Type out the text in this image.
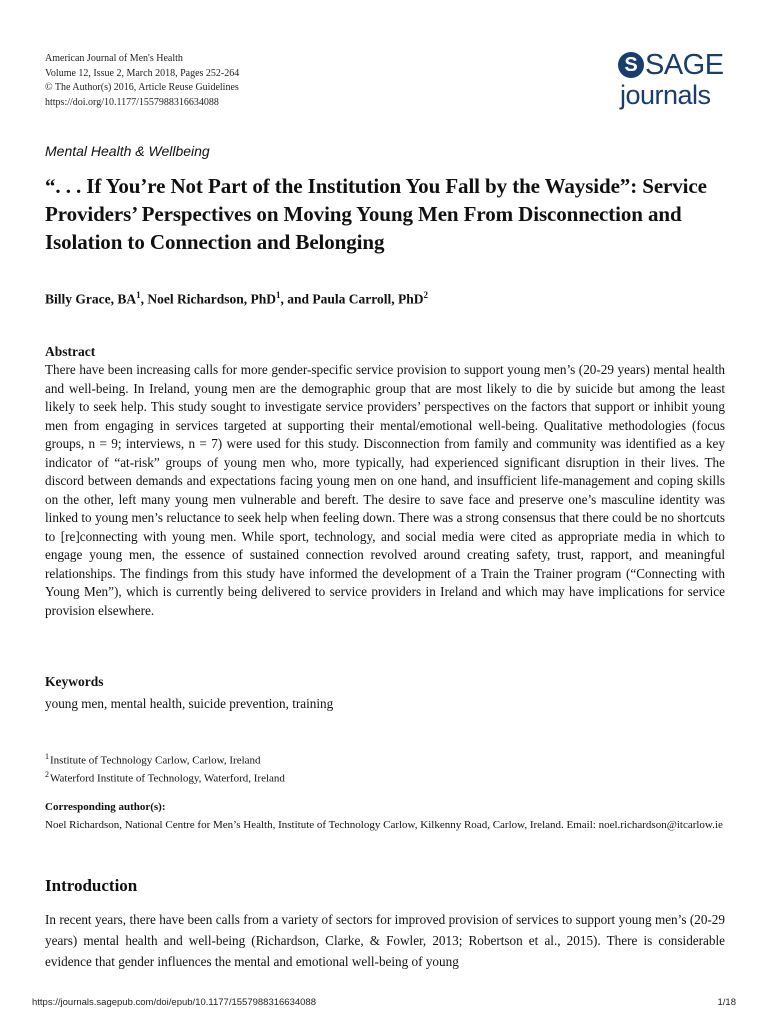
American Journal of Men's Health
Volume 12, Issue 2, March 2018, Pages 252-264
© The Author(s) 2016, Article Reuse Guidelines
https://doi.org/10.1177/1557988316634088
S SAGE
journals
Mental Health & Wellbeing
“. . . If You’re Not Part of the Institution You Fall by the Wayside”: Service Providers’ Perspectives on Moving Young Men From Disconnection and Isolation to Connection and Belonging
Billy Grace, $BA^1$, Noel Richardson, PhD$^1$, and Paula Carroll, PhD$^2$
Abstract

There have been increasing calls for more gender-specific service provision to support young men’s (20-29 years) mental health and well-being. In Ireland, young men are the demographic group that are most likely to die by suicide but among the least likely to seek help. This study sought to investigate service providers’ perspectives on the factors that support or inhibit young men from engaging in services targeted at supporting their mental/emotional well-being. Qualitative methodologies (focus groups, n = 9; interviews, n = 7) were used for this study. Disconnection from family and community was identified as a key indicator of “at-risk” groups of young men who, more typically, had experienced significant disruption in their lives. The discord between demands and expectations facing young men on one hand, and insufficient life-management and coping skills on the other, left many young men vulnerable and bereft. The desire to save face and preserve one’s masculine identity was linked to young men’s reluctance to seek help when feeling down. There was a strong consensus that there could be no shortcuts to [re]connecting with young men. While sport, technology, and social media were cited as appropriate media in which to engage young men, the essence of sustained connection revolved around creating safety, trust, rapport, and meaningful relationships. The findings from this study have informed the development of a Train the Trainer program (“Connecting with Young Men”), which is currently being delivered to service providers in Ireland and which may have implications for service provision elsewhere.

Keywords

young men, mental health, suicide prevention, training

$^1$Institute of Technology Carlow, Carlow, Ireland
$^2$Waterford Institute of Technology, Waterford, Ireland
Corresponding author(s):

Noel Richardson, National Centre for Men’s Health, Institute of Technology Carlow, Kilkenny Road, Carlow, Ireland. Email: noel.richardson@itcarlow.ie

Introduction

In recent years, there have been calls from a variety of sectors for improved provision of services to support young men’s (20-29 years) mental health and well-being (Richardson, Clarke, & Fowler, 2013; Robertson et al., 2015). There is considerable evidence that gender influences the mental and emotional well-being of young

https://journals.sagepub.com/doi/epub/10.1177/1557988316634088	1/18
